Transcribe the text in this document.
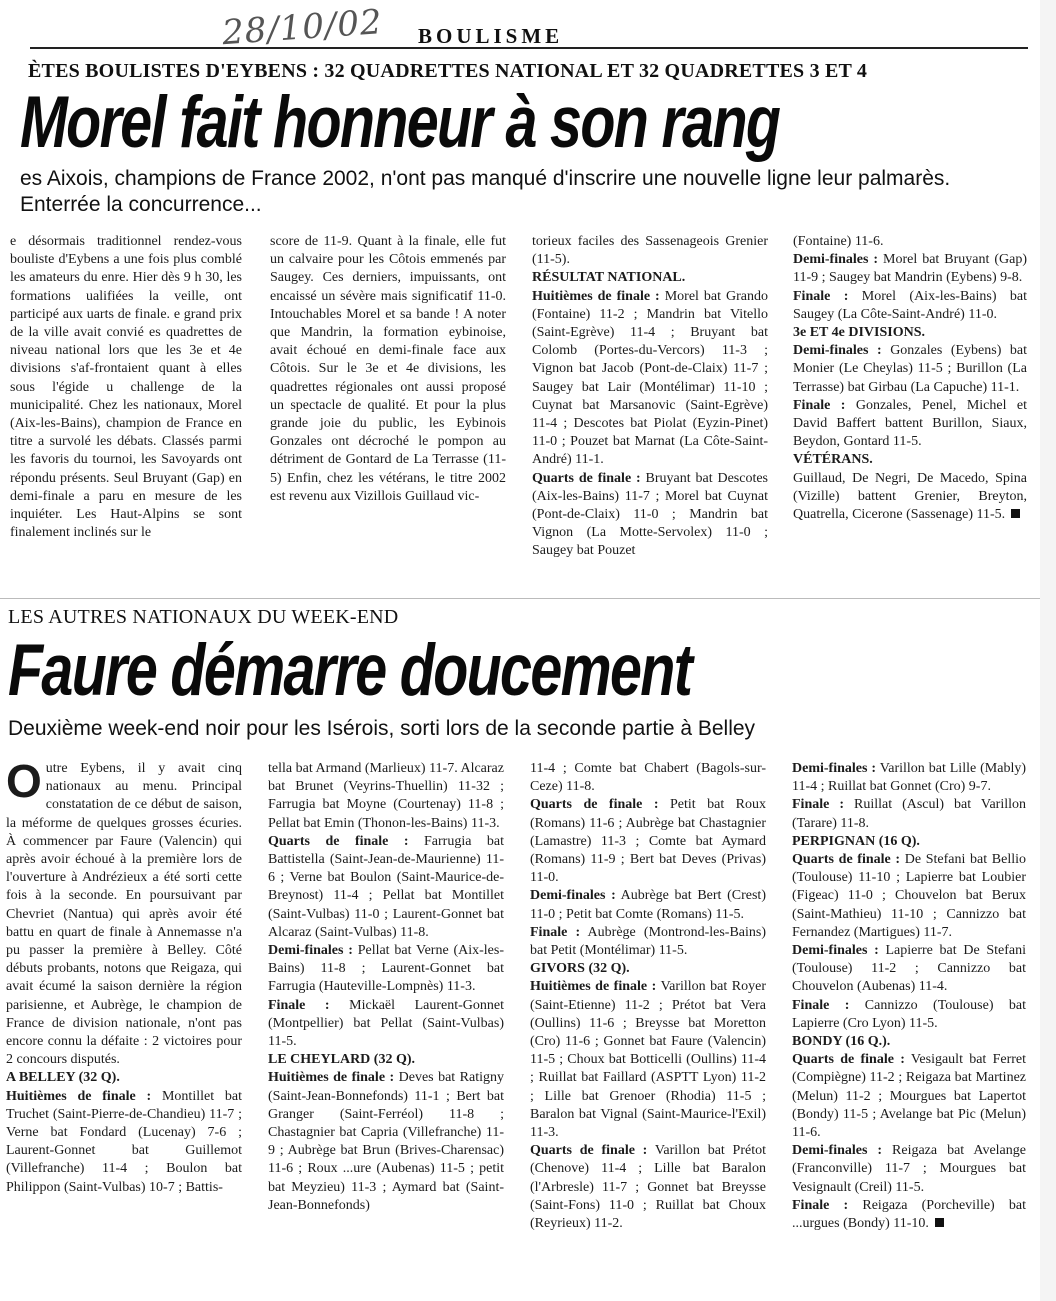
28/10/02 BOULISME
ÈTES BOULISTES D'EYBENS : 32 QUADRETTES NATIONAL ET 32 QUADRETTES 3 ET 4
Morel fait honneur à son rang
es Aixois, champions de France 2002, n'ont pas manqué d'inscrire une nouvelle ligne leur palmarès. Enterrée la concurrence...

e désormais traditionnel rendez-vous bouliste d'Eybens a une fois plus comblé les amateurs du enre. Hier dès 9 h 30, les formations ualifiées la veille, ont participé aux uarts de finale. e grand prix de la ville avait convié es quadrettes de niveau national lors que les 3e et 4e divisions s'af-frontaient quant à elles sous l'égide u challenge de la municipalité. Chez les nationaux, Morel (Aix-les-Bains), champion de France en titre a survolé les débats. Classés parmi les favoris du tournoi, les Savoyards ont répondu présents. Seul Bruyant (Gap) en demi-finale a paru en mesure de les inquiéter. Les Haut-Alpins se sont finalement inclinés sur le

score de 11-9. Quant à la finale, elle fut un calvaire pour les Côtois emmenés par Saugey. Ces derniers, impuissants, ont encaissé un sévère mais significatif 11-0. Intouchables Morel et sa bande ! A noter que Mandrin, la formation eybinoise, avait échoué en demi-finale face aux Côtois. Sur le 3e et 4e divisions, les quadrettes régionales ont aussi proposé un spectacle de qualité. Et pour la plus grande joie du public, les Eybinois Gonzales ont décroché le pompon au détriment de Gontard de La Terrasse (11-5) Enfin, chez les vétérans, le titre 2002 est revenu aux Vizillois Guillaud vic-

torieux faciles des Sassenageois Grenier (11-5).

RÉSULTAT NATIONAL.

Huitièmes de finale : Morel bat Grando (Fontaine) 11-2 ; Mandrin bat Vitello (Saint-Egrève) 11-4 ; Bruyant bat Colomb (Portes-du-Vercors) 11-3 ; Vignon bat Jacob (Pont-de-Claix) 11-7 ; Saugey bat Lair (Montélimar) 11-10 ; Cuynat bat Marsanovic (Saint-Egrève) 11-4 ; Descotes bat Piolat (Eyzin-Pinet) 11-0 ; Pouzet bat Marnat (La Côte-Saint-André) 11-1.

Quarts de finale : Bruyant bat Descotes (Aix-les-Bains) 11-7 ; Morel bat Cuynat (Pont-de-Claix) 11-0 ; Mandrin bat Vignon (La Motte-Servolex) 11-0 ; Saugey bat Pouzet

(Fontaine) 11-6.

Demi-finales : Morel bat Bruyant (Gap) 11-9 ; Saugey bat Mandrin (Eybens) 9-8.

Finale : Morel (Aix-les-Bains) bat Saugey (La Côte-Saint-André) 11-0.

3e ET 4e DIVISIONS.

Demi-finales : Gonzales (Eybens) bat Monier (Le Cheylas) 11-5 ; Burillon (La Terrasse) bat Girbau (La Capuche) 11-1.

Finale : Gonzales, Penel, Michel et David Baffert battent Burillon, Siaux, Beydon, Gontard 11-5.

VÉTÉRANS.

Guillaud, De Negri, De Macedo, Spina (Vizille) battent Grenier, Breyton, Quatrella, Cicerone (Sassenage) 11-5.

LES AUTRES NATIONAUX DU WEEK-END
Faure démarre doucement
Deuxième week-end noir pour les Isérois, sorti lors de la seconde partie à Belley

Outre Eybens, il y avait cinq nationaux au menu. Principal constatation de ce début de saison, la méforme de quelques grosses écuries. À commencer par Faure (Valencin) qui après avoir échoué à la première lors de l'ouverture à Andrézieux a été sorti cette fois à la seconde. En poursuivant par Chevriet (Nantua) qui après avoir été battu en quart de finale à Annemasse n'a pu passer la première à Belley. Côté débuts probants, notons que Reigaza, qui avait écumé la saison dernière la région parisienne, et Aubrège, le champion de France de division nationale, n'ont pas encore connu la défaite : 2 victoires pour 2 concours disputés.

A BELLEY (32 Q).

Huitièmes de finale : Montillet bat Truchet (Saint-Pierre-de-Chandieu) 11-7 ; Verne bat Fondard (Lucenay) 7-6 ; Laurent-Gonnet bat Guillemot (Villefranche) 11-4 ; Boulon bat Philippon (Saint-Vulbas) 10-7 ; Battis-

tella bat Armand (Marlieux) 11-7. Alcaraz bat Brunet (Veyrins-Thuellin) 11-32 ; Farrugia bat Moyne (Courtenay) 11-8 ; Pellat bat Emin (Thonon-les-Bains) 11-3.

Quarts de finale : Farrugia bat Battistella (Saint-Jean-de-Maurienne) 11-6 ; Verne bat Boulon (Saint-Maurice-de-Breynost) 11-4 ; Pellat bat Montillet (Saint-Vulbas) 11-0 ; Laurent-Gonnet bat Alcaraz (Saint-Vulbas) 11-8.

Demi-finales : Pellat bat Verne (Aix-les-Bains) 11-8 ; Laurent-Gonnet bat Farrugia (Hauteville-Lompnès) 11-3.

Finale : Mickaël Laurent-Gonnet (Montpellier) bat Pellat (Saint-Vulbas) 11-5.

LE CHEYLARD (32 Q).

Huitièmes de finale : Deves bat Ratigny (Saint-Jean-Bonnefonds) 11-1 ; Bert bat Granger (Saint-Ferréol) 11-8 ; Chastagnier bat Capria (Villefranche) 11-9 ; Aubrège bat Brun (Brives-Charensac) 11-6 ; Roux ...ure (Aubenas) 11-5 ; petit bat Meyzieu) 11-3 ; Aymard bat (Saint-Jean-Bonnefonds)

11-4 ; Comte bat Chabert (Bagols-sur-Ceze) 11-8.

Quarts de finale : Petit bat Roux (Romans) 11-6 ; Aubrège bat Chastagnier (Lamastre) 11-3 ; Comte bat Aymard (Romans) 11-9 ; Bert bat Deves (Privas) 11-0.

Demi-finales : Aubrège bat Bert (Crest) 11-0 ; Petit bat Comte (Romans) 11-5.

Finale : Aubrège (Montrond-les-Bains) bat Petit (Montélimar) 11-5.

GIVORS (32 Q).

Huitièmes de finale : Varillon bat Royer (Saint-Etienne) 11-2 ; Prétot bat Vera (Oullins) 11-6 ; Breysse bat Moretton (Cro) 11-6 ; Gonnet bat Faure (Valencin) 11-5 ; Choux bat Botticelli (Oullins) 11-4 ; Ruillat bat Faillard (ASPTT Lyon) 11-2 ; Lille bat Grenoer (Rhodia) 11-5 ; Baralon bat Vignal (Saint-Maurice-l'Exil) 11-3.

Quarts de finale : Varillon bat Prétot (Chenove) 11-4 ; Lille bat Baralon (l'Arbresle) 11-7 ; Gonnet bat Breysse (Saint-Fons) 11-0 ; Ruillat bat Choux (Reyrieux) 11-2.

Demi-finales : Varillon bat Lille (Mably) 11-4 ; Ruillat bat Gonnet (Cro) 9-7.

Finale : Ruillat (Ascul) bat Varillon (Tarare) 11-8.

PERPIGNAN (16 Q).

Quarts de finale : De Stefani bat Bellio (Toulouse) 11-10 ; Lapierre bat Loubier (Figeac) 11-0 ; Chouvelon bat Berux (Saint-Mathieu) 11-10 ; Cannizzo bat Fernandez (Martigues) 11-7.

Demi-finales : Lapierre bat De Stefani (Toulouse) 11-2 ; Cannizzo bat Chouvelon (Aubenas) 11-4.

Finale : Cannizzo (Toulouse) bat Lapierre (Cro Lyon) 11-5.

BONDY (16 Q.).

Quarts de finale : Vesigault bat Ferret (Compiègne) 11-2 ; Reigaza bat Martinez (Melun) 11-2 ; Mourgues bat Lapertot (Bondy) 11-5 ; Avelange bat Pic (Melun) 11-6.

Demi-finales : Reigaza bat Avelange (Franconville) 11-7 ; Mourgues bat Vesignault (Creil) 11-5.

Finale : Reigaza (Porcheville) bat ...urgues (Bondy) 11-10.
